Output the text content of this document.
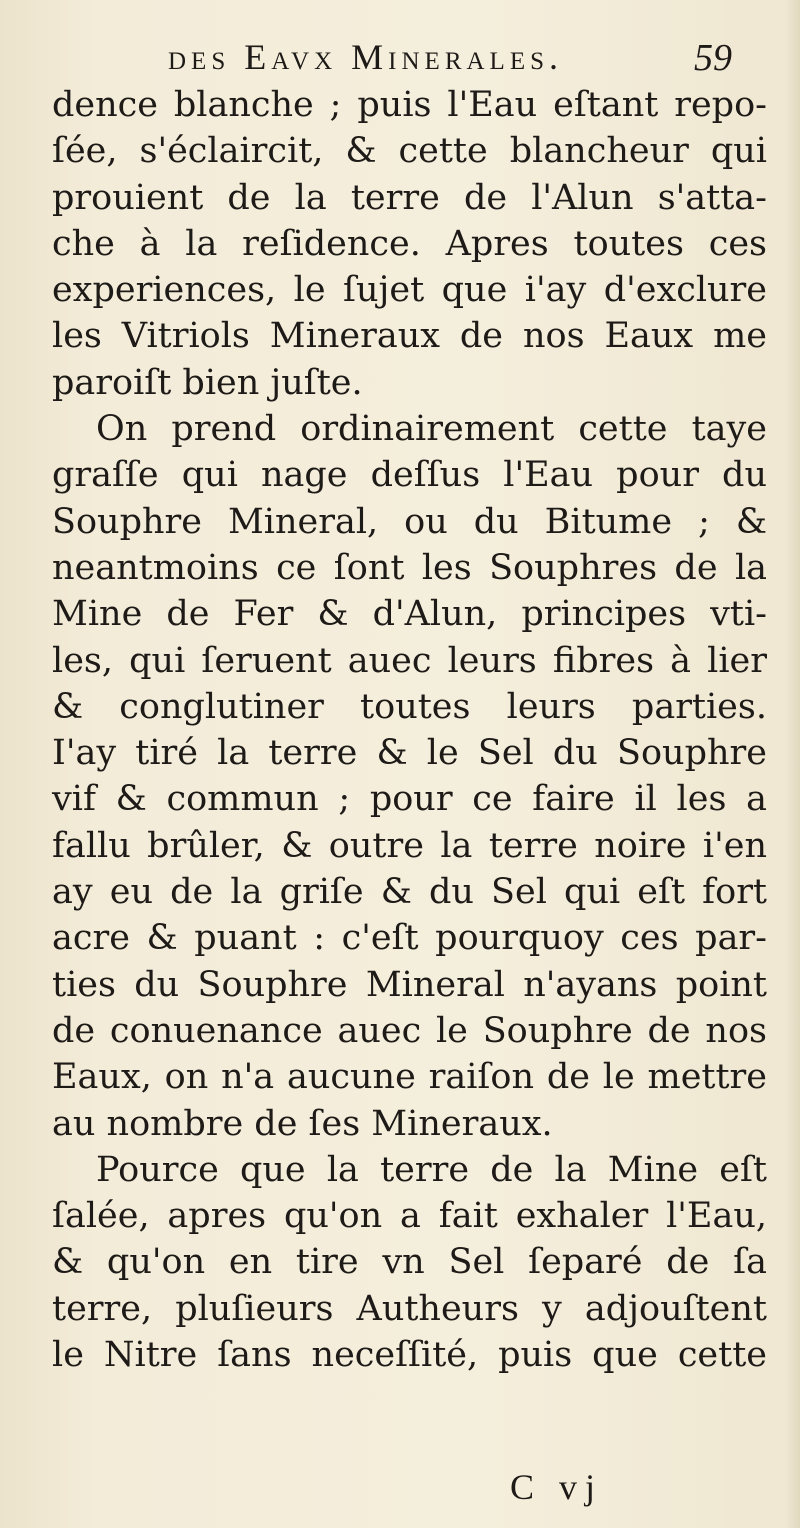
des Eavx Minerales.	59
dence blanche ; puis l'Eau eſtant repo-
ſée, s'éclaircit, & cette blancheur qui
prouient de la terre de l'Alun s'atta-
che à la reſidence. Apres toutes ces
experiences, le ſujet que i'ay d'exclure
les Vitriols Mineraux de nos Eaux me
paroiſt bien juſte.
On prend ordinairement cette taye
graſſe qui nage deſſus l'Eau pour du
Souphre Mineral, ou du Bitume ; &
neantmoins ce ſont les Souphres de la
Mine de Fer & d'Alun, principes vti-
les, qui ſeruent auec leurs fibres à lier
& conglutiner toutes leurs parties.
I'ay tiré la terre & le Sel du Souphre
vif & commun ; pour ce faire il les a
fallu brûler, & outre la terre noire i'en
ay eu de la griſe & du Sel qui eſt fort
acre & puant : c'eſt pourquoy ces par-
ties du Souphre Mineral n'ayans point
de conuenance auec le Souphre de nos
Eaux, on n'a aucune raiſon de le mettre
au nombre de ſes Mineraux.
Pource que la terre de la Mine eſt
ſalée, apres qu'on a fait exhaler l'Eau,
& qu'on en tire vn Sel ſeparé de ſa
terre, pluſieurs Autheurs y adjouſtent
le Nitre ſans neceſſité, puis que cette
C vj
